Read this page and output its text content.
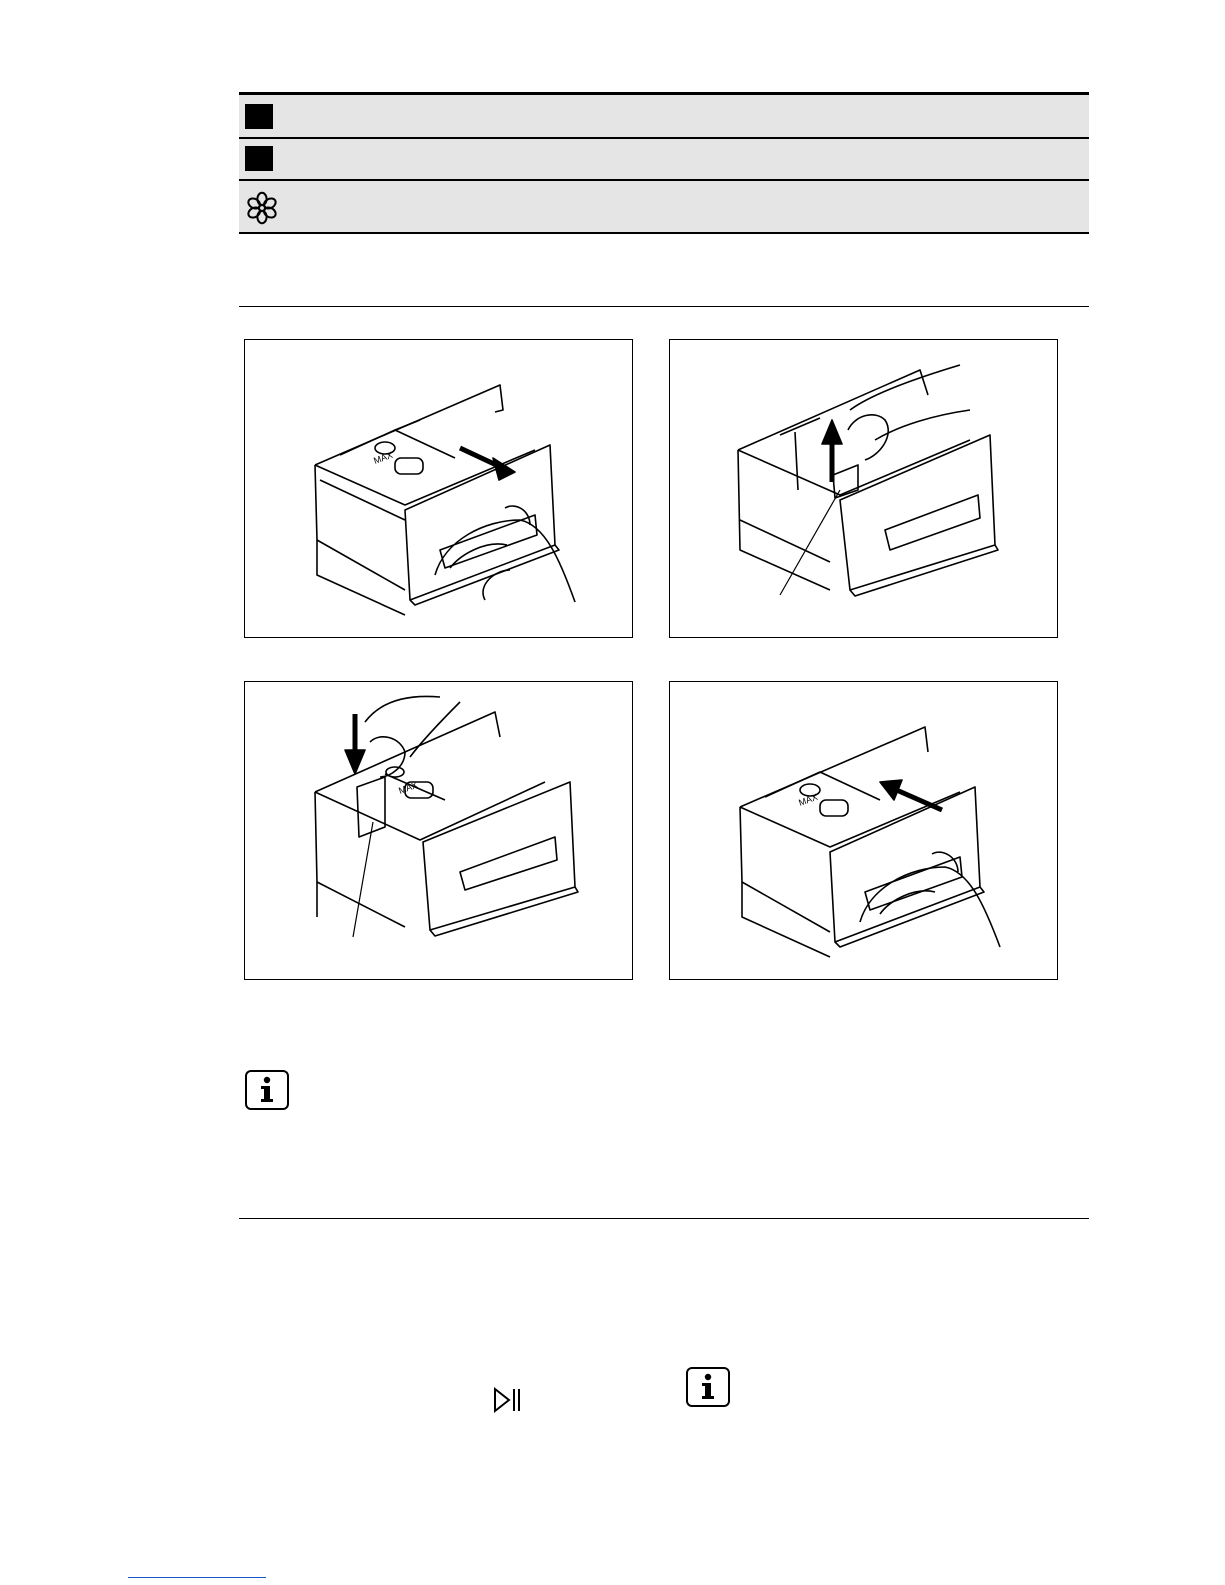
MAX
MAX
MAX
